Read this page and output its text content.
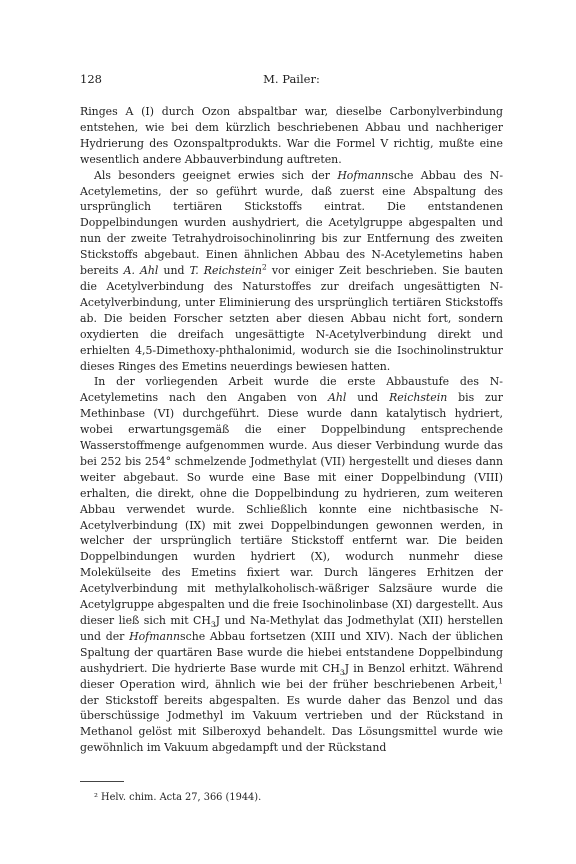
128	M. Pailer:

Ringes A (I) durch Ozon abspaltbar war, dieselbe Carbonylverbindung entstehen, wie bei dem kürzlich beschriebenen Abbau und nachheriger Hydrierung des Ozonspaltprodukts. War die Formel V richtig, mußte eine wesentlich andere Abbauverbindung auftreten.

Als besonders geeignet erwies sich der Hofmannsche Abbau des N-Acetylemetins, der so geführt wurde, daß zuerst eine Abspaltung des ursprünglich tertiären Stickstoffs eintrat. Die entstandenen Doppelbindungen wurden aushydriert, die Acetylgruppe abgespalten und nun der zweite Tetrahydroisochinolinring bis zur Entfernung des zweiten Stickstoffs abgebaut. Einen ähnlichen Abbau des N-Acetylemetins haben bereits A. Ahl und T. Reichstein$^2$ vor einiger Zeit beschrieben. Sie bauten die Acetylverbindung des Naturstoffes zur dreifach ungesättigten N-Acetylverbindung, unter Eliminierung des ursprünglich tertiären Stickstoffs ab. Die beiden Forscher setzten aber diesen Abbau nicht fort, sondern oxydierten die dreifach ungesättigte N-Acetylverbindung direkt und erhielten 4,5-Dimethoxy-phthalonimid, wodurch sie die Isochinolinstruktur dieses Ringes des Emetins neuerdings bewiesen hatten.

In der vorliegenden Arbeit wurde die erste Abbaustufe des N-Acetylemetins nach den Angaben von Ahl und Reichstein bis zur Methinbase (VI) durchgeführt. Diese wurde dann katalytisch hydriert, wobei erwartungsgemäß die einer Doppelbindung entsprechende Wasserstoffmenge aufgenommen wurde. Aus dieser Verbindung wurde das bei 252 bis 254° schmelzende Jodmethylat (VII) hergestellt und dieses dann weiter abgebaut. So wurde eine Base mit einer Doppelbindung (VIII) erhalten, die direkt, ohne die Doppelbindung zu hydrieren, zum weiteren Abbau verwendet wurde. Schließlich konnte eine nichtbasische N-Acetylverbindung (IX) mit zwei Doppelbindungen gewonnen werden, in welcher der ursprünglich tertiäre Stickstoff entfernt war. Die beiden Doppelbindungen wurden hydriert (X), wodurch nunmehr diese Molekülseite des Emetins fixiert war. Durch längeres Erhitzen der Acetylverbindung mit methylalkoholisch-wäßriger Salzsäure wurde die Acetylgruppe abgespalten und die freie Isochinolinbase (XI) dargestellt. Aus dieser ließ sich mit $CH_3J$ und Na-Methylat das Jodmethylat (XII) herstellen und der Hofmannsche Abbau fortsetzen (XIII und XIV). Nach der üblichen Spaltung der quartären Base wurde die hiebei entstandene Doppelbindung aushydriert. Die hydrierte Base wurde mit $CH_3J$ in Benzol erhitzt. Während dieser Operation wird, ähnlich wie bei der früher beschriebenen Arbeit,$^1$ der Stickstoff bereits abgespalten. Es wurde daher das Benzol und das überschüssige Jodmethyl im Vakuum vertrieben und der Rückstand in Methanol gelöst mit Silberoxyd behandelt. Das Lösungsmittel wurde wie gewöhnlich im Vakuum abgedampft und der Rückstand

² Helv. chim. Acta 27, 366 (1944).
